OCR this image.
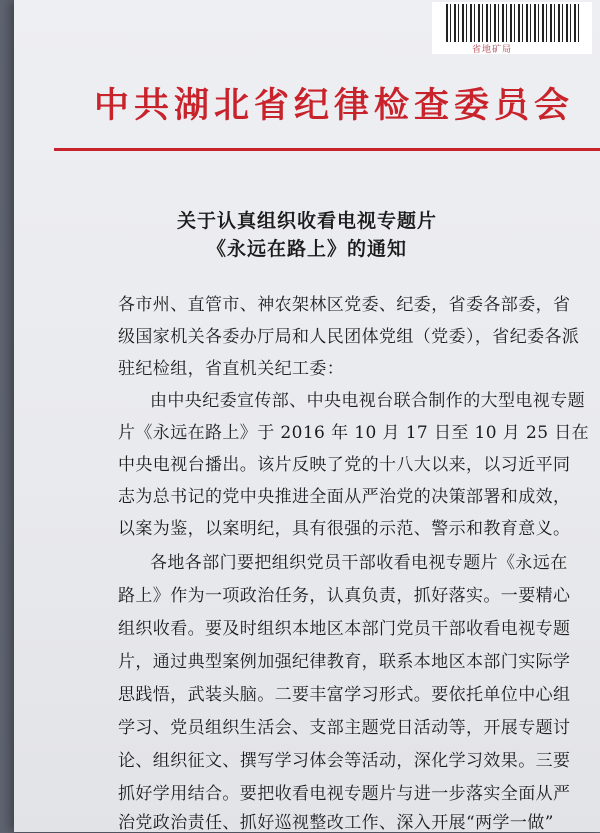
省地矿局
中共湖北省纪律检查委员会
关于认真组织收看电视专题片
《永远在路上》的通知
各市州、直管市、神农架林区党委、纪委，省委各部委，省
级国家机关各委办厅局和人民团体党组（党委），省纪委各派
驻纪检组，省直机关纪工委：
由中央纪委宣传部、中央电视台联合制作的大型电视专题
片《永远在路上》于 2016 年 10 月 17 日至 10 月 25 日在
中央电视台播出。该片反映了党的十八大以来，以习近平同
志为总书记的党中央推进全面从严治党的决策部署和成效，
以案为鉴，以案明纪，具有很强的示范、警示和教育意义。
各地各部门要把组织党员干部收看电视专题片《永远在
路上》作为一项政治任务，认真负责，抓好落实。一要精心
组织收看。要及时组织本地区本部门党员干部收看电视专题
片，通过典型案例加强纪律教育，联系本地区本部门实际学
思践悟，武装头脑。二要丰富学习形式。要依托单位中心组
学习、党员组织生活会、支部主题党日活动等，开展专题讨
论、组织征文、撰写学习体会等活动，深化学习效果。三要
抓好学用结合。要把收看电视专题片与进一步落实全面从严
治党政治责任、抓好巡视整改工作、深入开展“两学一做”
